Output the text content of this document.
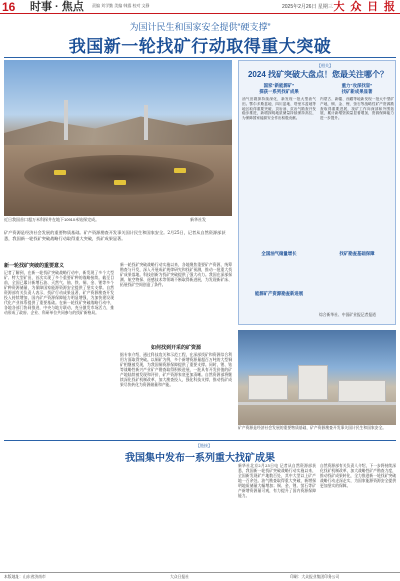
16 时事 · 焦点 责编 刘学勤 美编 韩露 校对 文静	2025年2月26日 星期三 大 众 日 报
为国计民生和国家安全提供“硬支撑”
我国新一轮找矿行动取得重大突破
近日我国首口超万米科探井在地下10910米钻探完成。	新华社发
矿产资源是经济社会发展的重要物质基础。矿产资源勘查开发事关国计民生和国家安全。2月25日，记者从自然资源部获悉，我国新一轮找矿突破战略行动取得重大突破，找矿成果显著。
新一轮找矿突破的重要意义
记者了解到，在新一轮找矿突破战略行动中，新发现了多个大型矿、特大型矿田，首次实现了多个重要矿种的战略接续。截至目前，全国已累计新增石油、天然气、铀、铁、铜、金、锂等多个矿种资源储量，为保障国家能源资源安全提供了坚实支撑。自然资源部有关负责人表示，找矿行动成果显著，矿产资源勘查开发投入持续增加，国内矿产资源保障能力明显增强，为加快建设现代化产业体系提供了重要基础。在新一轮找矿突破战略行动中，各地各部门协同推进，中央与地方联动，充分激发市场活力，推动形成了政府、企业、科研单位共同参与的找矿新格局。
新一轮找矿突破战略行动实施以来，各地聚焦重要矿产资源，统筹勘查与开发，深入开展成矿规律研究和找矿预测，推动一批重大找矿成果落地。科技创新为找矿突破提供了强大动力。我国在深部探测、航空物探、遥感技术等领域不断取得新进展，为发现新矿床、拓展找矿空间创造了条件。
如何找到开采的矿资源
据专家介绍，通过科技攻关和示范工程，在深部找矿和资源综合利用方面取得突破。以铜矿为例，多个新增资源量超百万吨的大型铜矿相继被发现，为我国铜资源保障提供了重要支撑。同时，锂、钴等战略性新兴产业矿产勘查取得积极进展，一批具有开发价值的矿产地陆续被发现和评价，矿产资源家底更加清晰。自然资源部将继续深化找矿机制改革，加大勘查投入，强化科技支撑，推动找矿成果尽快转化为资源储量和产能。
【相关】
2024 找矿突破大盘点！您最关注哪个？
国家“新能源矿”
探获一系列找矿成果
重力“攻深找盲”
找矿新成果显著
油气田勘探持续深化，新发现一批大型油气田。鄂尔多斯盆地、四川盆地、塔里木盆地等地区取得重要突破，页岩油、页岩气勘查开发稳步推进，新增探明地质储量持续保持高位，为保障国家能源安全作出积极贡献。
内蒙古、新疆、西藏等地新发现一批大中型矿产地，铜、金、锂、萤石等战略性矿产资源勘查取得重要进展，找矿工作向深部和外围拓展，累计新增资源量显著增加，资源保障能力进一步提升。
全国油气储量增长	找矿勘查基础保障
能源矿产资源勘查新进展
综合新华社、中国矿业报记者报道
矿产资源是经济社会发展的重要物质基础，矿产资源勘查开发事关国计民生和国家安全。
【链接】
我国集中发布一系列重大找矿成果
新华社北京2月25日电 记者从自然资源部获悉，我国新一轮找矿突破战略行动实施以来，全国新发现矿产地数百处，其中大型以上矿产地一百余处。油气勘查取得重大突破，新增探明地质储量大幅增加；铜、金、锂、萤石等矿产新增资源量可观，有力提升了国内资源保障能力。
自然资源部有关负责人介绍，下一步将持续深化找矿机制改革，加大战略性矿产勘查力度，推动找矿成果转化，全力推进新一轮找矿突破战略行动走深走实，为国家能源资源安全提供更加坚实的保障。
本版地址：山东省济南市	大众日报社	印刷：大众报业集团印务公司
